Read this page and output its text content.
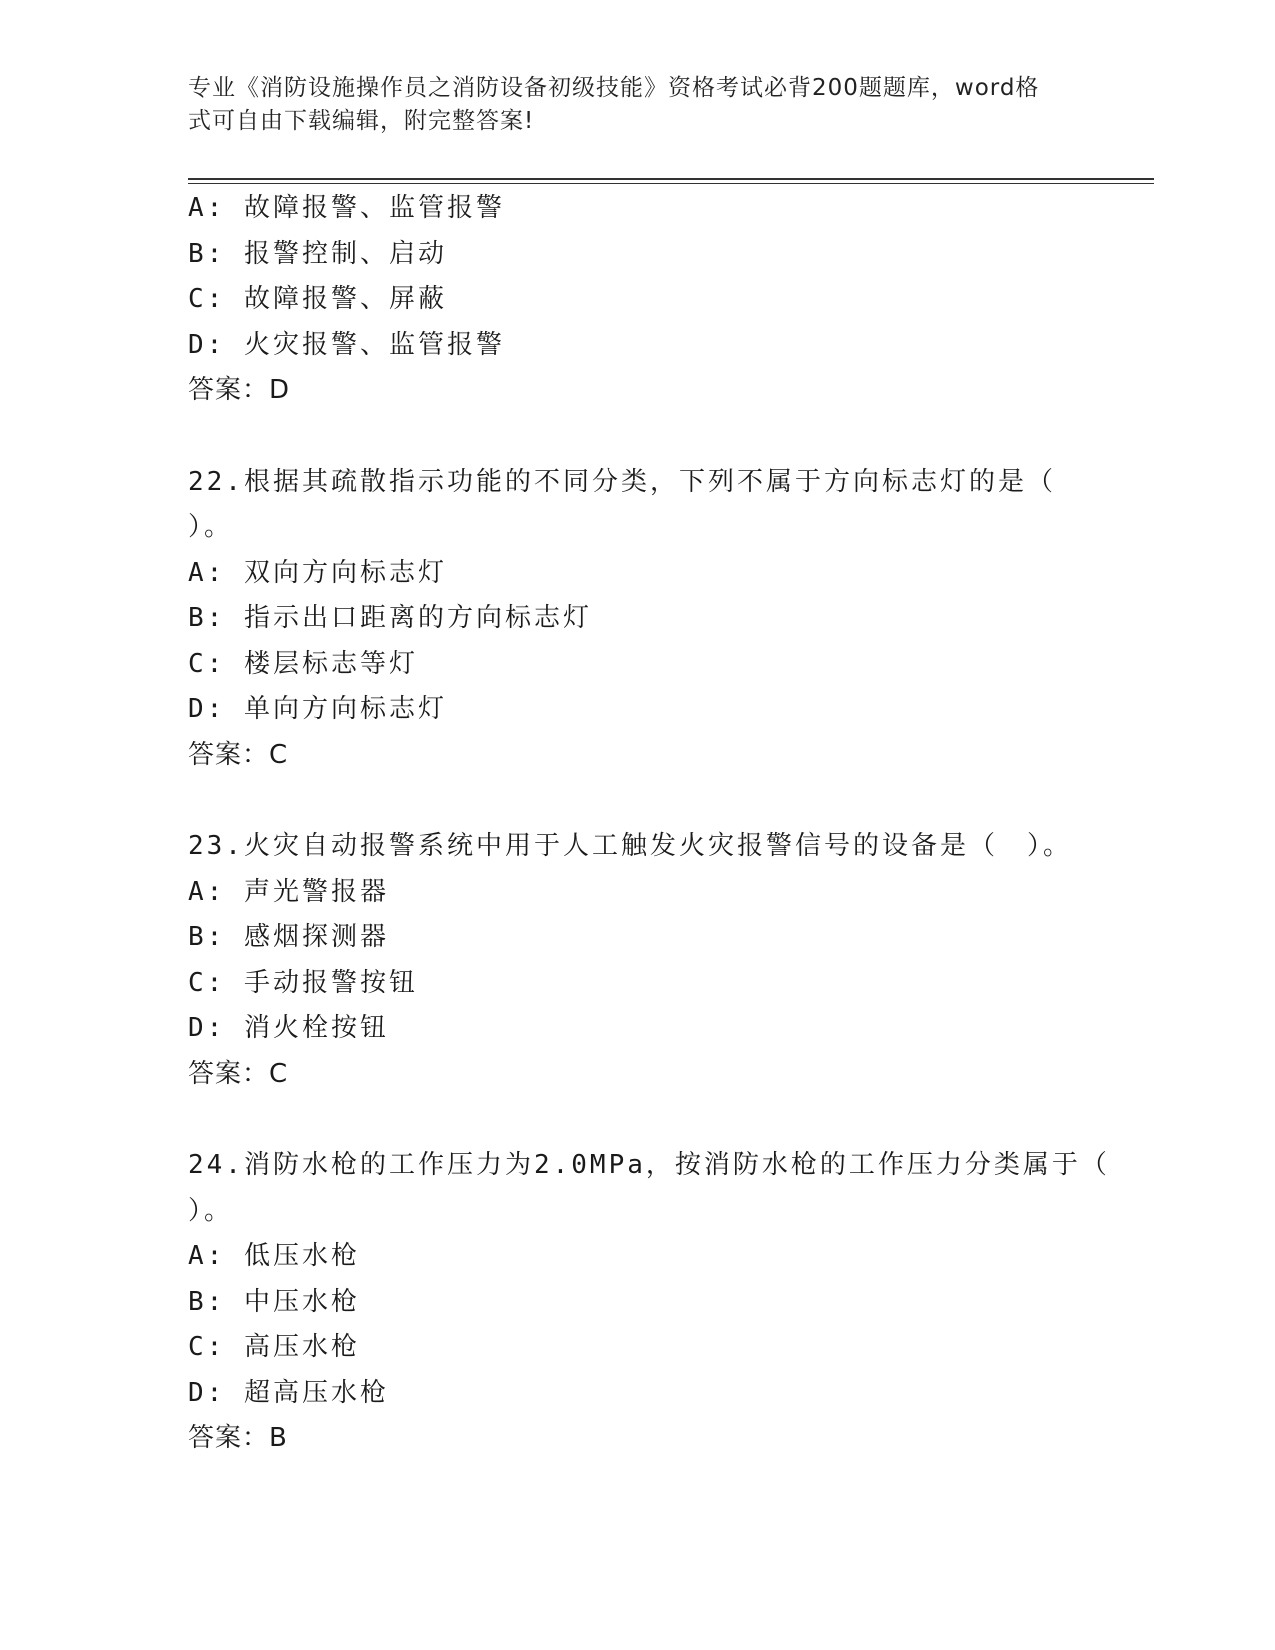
专业《消防设施操作员之消防设备初级技能》资格考试必背200题题库，word格
式可自由下载编辑，附完整答案!
A: 故障报警、监管报警
B: 报警控制、启动
C: 故障报警、屏蔽
D: 火灾报警、监管报警
答案：D
22.根据其疏散指示功能的不同分类，下列不属于方向标志灯的是（
）。
A: 双向方向标志灯
B: 指示出口距离的方向标志灯
C: 楼层标志等灯
D: 单向方向标志灯
答案：C
23.火灾自动报警系统中用于人工触发火灾报警信号的设备是（　）。
A: 声光警报器
B: 感烟探测器
C: 手动报警按钮
D: 消火栓按钮
答案：C
24.消防水枪的工作压力为2.0MPa，按消防水枪的工作压力分类属于（
）。
A: 低压水枪
B: 中压水枪
C: 高压水枪
D: 超高压水枪
答案：B
